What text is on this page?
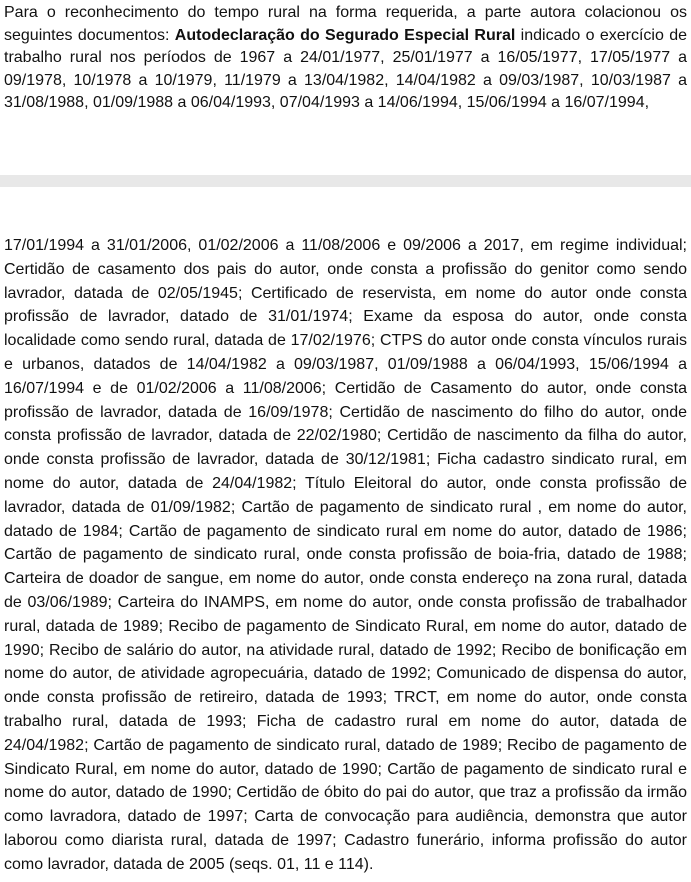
Para o reconhecimento do tempo rural na forma requerida, a parte autora colacionou os seguintes documentos: Autodeclaração do Segurado Especial Rural indicado o exercício de trabalho rural nos períodos de 1967 a 24/01/1977, 25/01/1977 a 16/05/1977, 17/05/1977 a 09/1978, 10/1978 a 10/1979, 11/1979 a 13/04/1982, 14/04/1982 a 09/03/1987, 10/03/1987 a 31/08/1988, 01/09/1988 a 06/04/1993, 07/04/1993 a 14/06/1994, 15/06/1994 a 16/07/1994,

17/01/1994 a 31/01/2006, 01/02/2006 a 11/08/2006 e 09/2006 a 2017, em regime individual; Certidão de casamento dos pais do autor, onde consta a profissão do genitor como sendo lavrador, datada de 02/05/1945; Certificado de reservista, em nome do autor onde consta profissão de lavrador, datado de 31/01/1974; Exame da esposa do autor, onde consta localidade como sendo rural, datada de 17/02/1976; CTPS do autor onde consta vínculos rurais e urbanos, datados de 14/04/1982 a 09/03/1987, 01/09/1988 a 06/04/1993, 15/06/1994 a 16/07/1994 e de 01/02/2006 a 11/08/2006; Certidão de Casamento do autor, onde consta profissão de lavrador, datada de 16/09/1978; Certidão de nascimento do filho do autor, onde consta profissão de lavrador, datada de 22/02/1980; Certidão de nascimento da filha do autor, onde consta profissão de lavrador, datada de 30/12/1981; Ficha cadastro sindicato rural, em nome do autor, datada de 24/04/1982; Título Eleitoral do autor, onde consta profissão de lavrador, datada de 01/09/1982; Cartão de pagamento de sindicato rural , em nome do autor, datado de 1984; Cartão de pagamento de sindicato rural em nome do autor, datado de 1986; Cartão de pagamento de sindicato rural, onde consta profissão de boia-fria, datado de 1988; Carteira de doador de sangue, em nome do autor, onde consta endereço na zona rural, datada de 03/06/1989; Carteira do INAMPS, em nome do autor, onde consta profissão de trabalhador rural, datada de 1989; Recibo de pagamento de Sindicato Rural, em nome do autor, datado de 1990; Recibo de salário do autor, na atividade rural, datado de 1992; Recibo de bonificação em nome do autor, de atividade agropecuária, datado de 1992; Comunicado de dispensa do autor, onde consta profissão de retireiro, datada de 1993; TRCT, em nome do autor, onde consta trabalho rural, datada de 1993; Ficha de cadastro rural em nome do autor, datada de 24/04/1982; Cartão de pagamento de sindicato rural, datado de 1989; Recibo de pagamento de Sindicato Rural, em nome do autor, datado de 1990; Cartão de pagamento de sindicato rural e nome do autor, datado de 1990; Certidão de óbito do pai do autor, que traz a profissão da irmão como lavradora, datado de 1997; Carta de convocação para audiência, demonstra que autor laborou como diarista rural, datada de 1997; Cadastro funerário, informa profissão do autor como lavrador, datada de 2005 (seqs. 01, 11 e 114).
